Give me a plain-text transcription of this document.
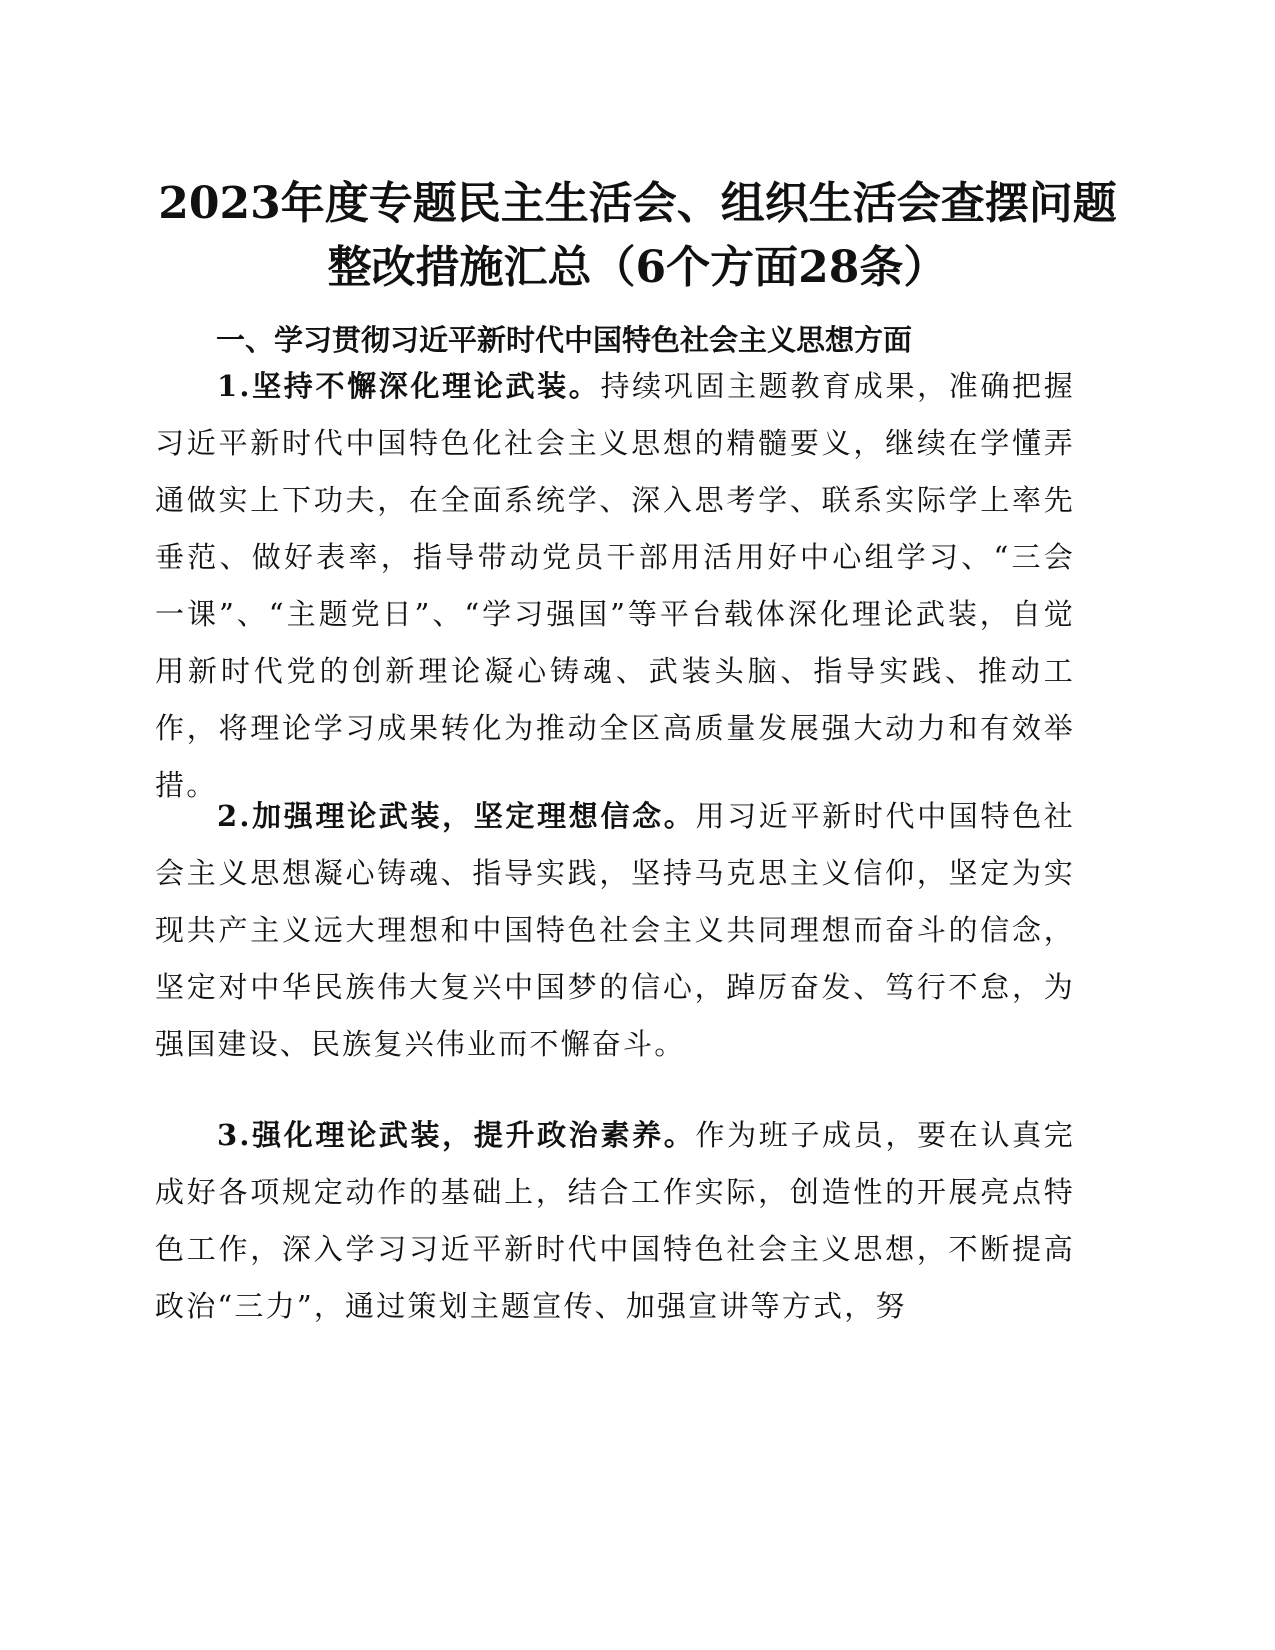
2023年度专题民主生活会、组织生活会查摆问题整改措施汇总（6个方面28条）
一、学习贯彻习近平新时代中国特色社会主义思想方面

1.坚持不懈深化理论武装。持续巩固主题教育成果，准确把握习近平新时代中国特色化社会主义思想的精髓要义，继续在学懂弄通做实上下功夫，在全面系统学、深入思考学、联系实际学上率先垂范、做好表率，指导带动党员干部用活用好中心组学习、“三会一课”、“主题党日”、“学习强国”等平台载体深化理论武装，自觉用新时代党的创新理论凝心铸魂、武装头脑、指导实践、推动工作，将理论学习成果转化为推动全区高质量发展强大动力和有效举措。

2.加强理论武装，坚定理想信念。用习近平新时代中国特色社会主义思想凝心铸魂、指导实践，坚持马克思主义信仰，坚定为实现共产主义远大理想和中国特色社会主义共同理想而奋斗的信念，坚定对中华民族伟大复兴中国梦的信心，踔厉奋发、笃行不怠，为强国建设、民族复兴伟业而不懈奋斗。

3.强化理论武装，提升政治素养。作为班子成员，要在认真完成好各项规定动作的基础上，结合工作实际，创造性的开展亮点特色工作，深入学习习近平新时代中国特色社会主义思想，不断提高政治“三力”，通过策划主题宣传、加强宣讲等方式，努
